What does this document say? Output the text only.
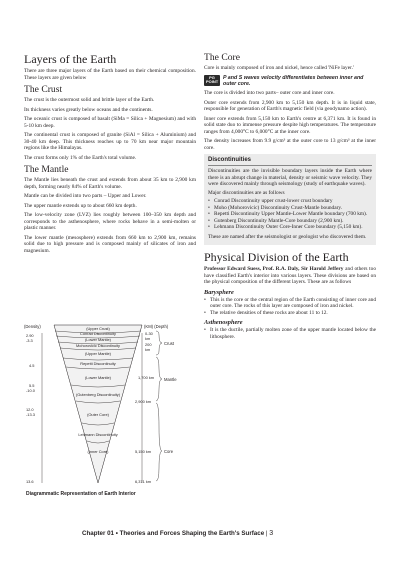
Layers of the Earth

There are three major layers of the Earth based on their chemical composition. These layers are given below

The Crust

The crust is the outermost solid and brittle layer of the Earth.

Its thickness varies greatly below oceans and the continents.

The oceanic crust is composed of basalt (SiMa = Silica + Magnesium) and with 5-10 km deep.

The continental crust is composed of granite (SiAl = Silica + Aluminium) and 30-40 km deep. This thickness reaches up to 70 km near major mountain regions like the Himalayas.

The crust forms only 1% of the Earth's total volume.

The Mantle

The Mantle lies beneath the crust and extends from about 35 km to 2,900 km depth, forming nearly 84% of Earth's volume.

Mantle can be divided into two parts – Upper and Lower.

The upper mantle extends up to about 660 km depth.

The low-velocity zone (LVZ) lies roughly between 100–350 km depth and corresponds to the asthenosphere, where rocks behave in a semi-molten or plastic manner.

The lower mantle (mesosphere) extends from 660 km to 2,900 km, remains solid due to high pressure and is composed mainly of silicates of iron and magnesium.

(Density)	(KM) (Depth)
(Upper Crust)
Conrad Discontinuity
(Lower Mantle)
Mohorovicic Discontinuity
(Upper Mantle)
Repetti Discontinuity
(Lower Mantle)
(Gutenberg Discontinuity)
(Outer Core)
Lehmann Discontinuity
(Inner Core)
2.90
-3.3
4.5
5.5
-10.0
12.0
-13.3
13.6
0-30
km
200
km
1,700 km
2,900 km
5,150 km
6,371 km
Crust
Mantle
Core
Diagrammatic Representation of Earth Interior
The Core

Core is mainly composed of iron and nickel, hence called 'NiFe layer.'

PG POINT
P and S waves velocity differentiates between inner and outer core.

The core is divided into two parts– outer core and inner core.

Outer core extends from 2,900 km to 5,150 km depth. It is in liquid state, responsible for generation of Earth's magnetic field (via geodynamo action).

Inner core extends from 5,150 km to Earth's centre at 6,371 km. It is found in solid state duo to immense pressure despite high temperatures. The temperature ranges from 4,000°C to 6,000°C at the inner core.

The density increases from 9.9 g/cm³ at the outer core to 13 g/cm³ at the inner core.

Discontinuities

Discontinuities are the invisible boundary layers inside the Earth where there is an abrupt change in material, density or seismic wave velocity. They were discovered mainly through seismology (study of earthquake waves).

Major discontinuities are as follows

• Conrad Discontinuity upper crust-lower crust boundary
• Moho (Mohorovicic) Discontinuity Crust-Mantle boundary.
• Repetti Discontinuity Upper Mantle-Lower Mantle boundary (700 km).
• Gutenberg Discontinuity Mantle-Core boundary (2,900 km).
• Lehmann Discontinuity Outer Core-Inner Core boundary (5,150 km).

These are named after the seismologist or geologist who discovered them.

Physical Division of the Earth

Professor Edward Suess, Prof. R.A. Daly, Sir Harold Jeffery and others too have classified Earth's interior into various layers. These divisions are based on the physical composition of the different layers. These are as follows

Barysphere
• This is the core or the central region of the Earth consisting of inner core and outer core. The rocks of this layer are composed of iron and nickel.
• The relative densities of these rocks are about 11 to 12.
Asthenosphere
• It is the ductile, partially molten zone of the upper mantle located below the lithosphere.
Chapter 01 • Theories and Forces Shaping the Earth's Surface | 3
